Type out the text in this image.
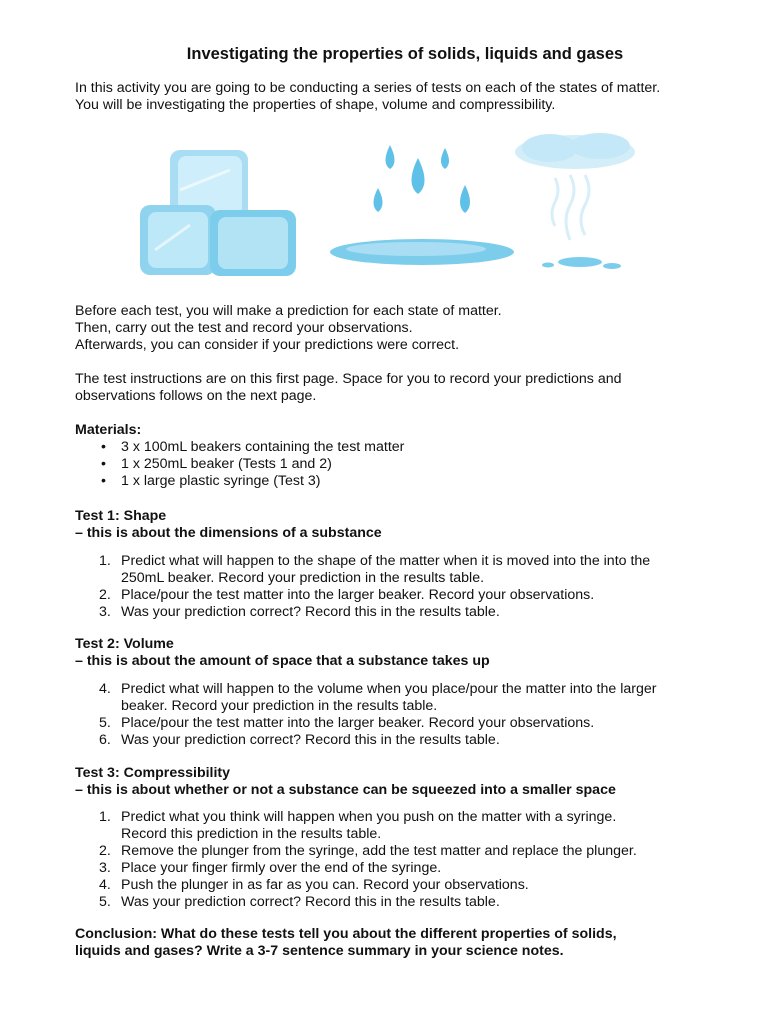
Investigating the properties of solids, liquids and gases

In this activity you are going to be conducting a series of tests on each of the states of matter.

You will be investigating the properties of shape, volume and compressibility.

Before each test, you will make a prediction for each state of matter.

Then, carry out the test and record your observations.

Afterwards, you can consider if your predictions were correct.

The test instructions are on this first page. Space for you to record your predictions and

observations follows on the next page.

Materials:

• 3 x 100mL beakers containing the test matter
• 1 x 250mL beaker (Tests 1 and 2)
• 1 x large plastic syringe (Test 3)

Test 1: Shape

– this is about the dimensions of a substance

1. Predict what will happen to the shape of the matter when it is moved into the into the
250mL beaker. Record your prediction in the results table.
2. Place/pour the test matter into the larger beaker. Record your observations.
3. Was your prediction correct? Record this in the results table.

Test 2: Volume

– this is about the amount of space that a substance takes up

4. Predict what will happen to the volume when you place/pour the matter into the larger
beaker. Record your prediction in the results table.
5. Place/pour the test matter into the larger beaker. Record your observations.
6. Was your prediction correct? Record this in the results table.

Test 3: Compressibility

– this is about whether or not a substance can be squeezed into a smaller space

1. Predict what you think will happen when you push on the matter with a syringe.
Record this prediction in the results table.
2. Remove the plunger from the syringe, add the test matter and replace the plunger.
3. Place your finger firmly over the end of the syringe.
4. Push the plunger in as far as you can. Record your observations.
5. Was your prediction correct? Record this in the results table.

Conclusion: What do these tests tell you about the different properties of solids,

liquids and gases? Write a 3-7 sentence summary in your science notes.
